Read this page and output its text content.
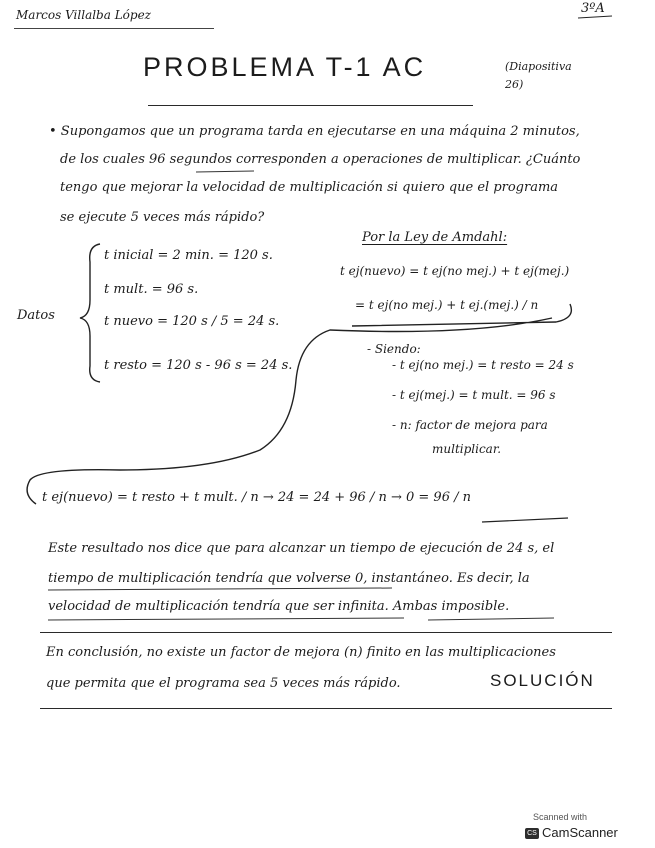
Marcos Villalba López	3ºA
PROBLEMA T-1 AC	(Diapositiva 26)
• Supongamos que un programa tarda en ejecutarse en una máquina 2 minutos,
de los cuales 96 segundos corresponden a operaciones de multiplicar. ¿Cuánto
tengo que mejorar la velocidad de multiplicación si quiero que el programa
se ejecute 5 veces más rápido?
Datos
t inicial = 2 min. = 120 s.
t mult. = 96 s.
t nuevo = 120 s / 5 = 24 s.
t resto = 120 s - 96 s = 24 s.
Por la Ley de Amdahl:
t ej(nuevo) = t ej(no mej.) + t ej(mej.)
= t ej(no mej.) + t ej.(mej.) / n
- Siendo:
- t ej(no mej.) = t resto = 24 s
- t ej(mej.) = t mult. = 96 s
- n: factor de mejora para
multiplicar.
t ej(nuevo) = t resto + t mult. / n → 24 = 24 + 96 / n → 0 = 96 / n
Este resultado nos dice que para alcanzar un tiempo de ejecución de 24 s, el
tiempo de multiplicación tendría que volverse 0, instantáneo. Es decir, la
velocidad de multiplicación tendría que ser infinita. Ambas imposible.
En conclusión, no existe un factor de mejora (n) finito en las multiplicaciones
que permita que el programa sea 5 veces más rápido.	SOLUCIÓN
Scanned with
CS CamScanner
